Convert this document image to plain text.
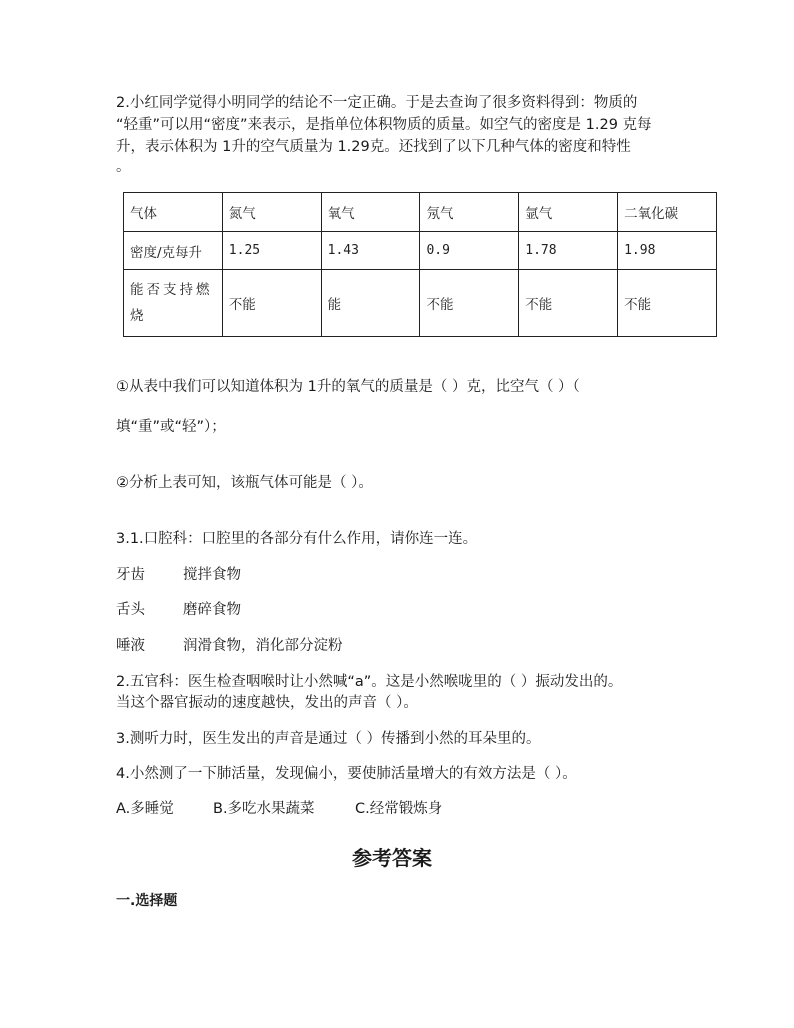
2.小红同学觉得小明同学的结论不一定正确。于是去查询了很多资料得到：物质的
“轻重”可以用“密度”来表示，是指单位体积物质的质量。如空气的密度是 1.29 克每
升，表示体积为 1升的空气质量为 1.29克。还找到了以下几种气体的密度和特性
。
气体	氮气	氧气	氖气	氩气	二氧化碳
密度/克每升	1.25	1.43	0.9	1.78	1.98
能否支持燃烧	不能	能	不能	不能	不能
①从表中我们可以知道体积为 1升的氧气的质量是（ ）克，比空气（ ）（
填“重”或“轻”）；
②分析上表可知，该瓶气体可能是（ ）。
3.1.口腔科：口腔里的各部分有什么作用，请你连一连。
牙齿	搅拌食物
舌头	磨碎食物
唾液	润滑食物，消化部分淀粉
2.五官科：医生检查咽喉时让小然喊“a”。这是小然喉咙里的（ ）振动发出的。
当这个器官振动的速度越快，发出的声音（ ）。
3.测听力时，医生发出的声音是通过（ ）传播到小然的耳朵里的。
4.小然测了一下肺活量，发现偏小，要使肺活量增大的有效方法是（ ）。
A.多睡觉	B.多吃水果蔬菜	C.经常锻炼身
参考答案
一.选择题
